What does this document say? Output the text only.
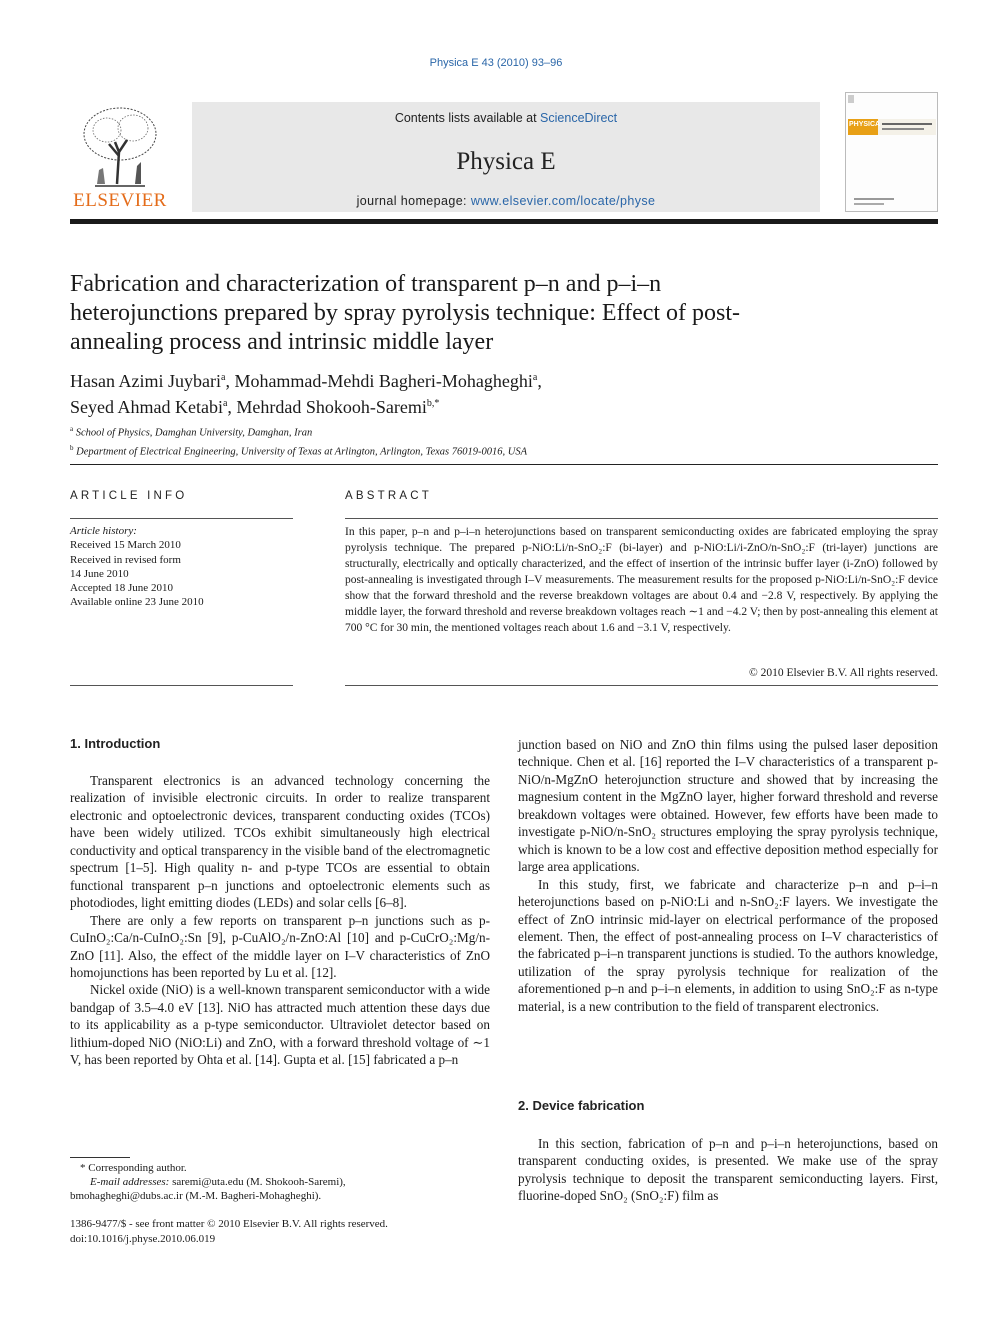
Physica E 43 (2010) 93–96
ELSEVIER
Contents lists available at ScienceDirect
Physica E
journal homepage: www.elsevier.com/locate/physe
PHYSICA
Fabrication and characterization of transparent p–n and p–i–n heterojunctions prepared by spray pyrolysis technique: Effect of post-annealing process and intrinsic middle layer
Hasan Azimi Juybari$^a$, Mohammad-Mehdi Bagheri-Mohagheghi$^a$,
Seyed Ahmad Ketabi$^a$, Mehrdad Shokooh-Saremi$^{b,*}$
$^a$ School of Physics, Damghan University, Damghan, Iran
$^b$ Department of Electrical Engineering, University of Texas at Arlington, Arlington, Texas 76019-0016, USA
ARTICLE INFO	ABSTRACT
Article history:
Received 15 March 2010
Received in revised form
14 June 2010
Accepted 18 June 2010
Available online 23 June 2010
In this paper, p–n and p–i–n heterojunctions based on transparent semiconducting oxides are fabricated employing the spray pyrolysis technique. The prepared p-NiO:Li/n-SnO₂:F (bi-layer) and p-NiO:Li/i-ZnO/n-SnO₂:F (tri-layer) junctions are structurally, electrically and optically characterized, and the effect of insertion of the intrinsic buffer layer (i-ZnO) followed by post-annealing is investigated through I–V measurements. The measurement results for the proposed p-NiO:Li/n-SnO₂:F device show that the forward threshold and the reverse breakdown voltages are about 0.4 and −2.8 V, respectively. By applying the middle layer, the forward threshold and reverse breakdown voltages reach ∼1 and −4.2 V; then by post-annealing this element at 700 °C for 30 min, the mentioned voltages reach about 1.6 and −3.1 V, respectively.
© 2010 Elsevier B.V. All rights reserved.
1. Introduction

Transparent electronics is an advanced technology concerning the realization of invisible electronic circuits. In order to realize transparent electronic and optoelectronic devices, transparent conducting oxides (TCOs) have been widely utilized. TCOs exhibit simultaneously high electrical conductivity and optical transparency in the visible band of the electromagnetic spectrum [1–5]. High quality n- and p-type TCOs are essential to obtain functional transparent p–n junctions and optoelectronic elements such as photodiodes, light emitting diodes (LEDs) and solar cells [6–8].

There are only a few reports on transparent p–n junctions such as p-CuInO₂:Ca/n-CuInO₂:Sn [9], p-CuAlO₂/n-ZnO:Al [10] and p-CuCrO₂:Mg/n-ZnO [11]. Also, the effect of the middle layer on I–V characteristics of ZnO homojunctions has been reported by Lu et al. [12].

Nickel oxide (NiO) is a well-known transparent semiconductor with a wide bandgap of 3.5–4.0 eV [13]. NiO has attracted much attention these days due to its applicability as a p-type semiconductor. Ultraviolet detector based on lithium-doped NiO (NiO:Li) and ZnO, with a forward threshold voltage of ∼1 V, has been reported by Ohta et al. [14]. Gupta et al. [15] fabricated a p–n

junction based on NiO and ZnO thin films using the pulsed laser deposition technique. Chen et al. [16] reported the I–V characteristics of a transparent p-NiO/n-MgZnO heterojunction structure and showed that by increasing the magnesium content in the MgZnO layer, higher forward threshold and reverse breakdown voltages were obtained. However, few efforts have been made to investigate p-NiO/n-SnO₂ structures employing the spray pyrolysis technique, which is known to be a low cost and effective deposition method especially for large area applications.

In this study, first, we fabricate and characterize p–n and p–i–n heterojunctions based on p-NiO:Li and n-SnO₂:F layers. We investigate the effect of ZnO intrinsic mid-layer on electrical performance of the proposed element. Then, the effect of post-annealing process on I–V characteristics of the fabricated p–i–n transparent junctions is studied. To the authors knowledge, utilization of the spray pyrolysis technique for realization of the aforementioned p–n and p–i–n elements, in addition to using SnO₂:F as n-type material, is a new contribution to the field of transparent electronics.

2. Device fabrication

In this section, fabrication of p–n and p–i–n heterojunctions, based on transparent conducting oxides, is presented. We make use of the spray pyrolysis technique to deposit the transparent semiconducting layers. First, fluorine-doped SnO₂ (SnO₂:F) film as

* Corresponding author.
E-mail addresses: saremi@uta.edu (M. Shokooh-Saremi),
bmohagheghi@dubs.ac.ir (M.-M. Bagheri-Mohagheghi).
1386-9477/$ - see front matter © 2010 Elsevier B.V. All rights reserved.
doi:10.1016/j.physe.2010.06.019
